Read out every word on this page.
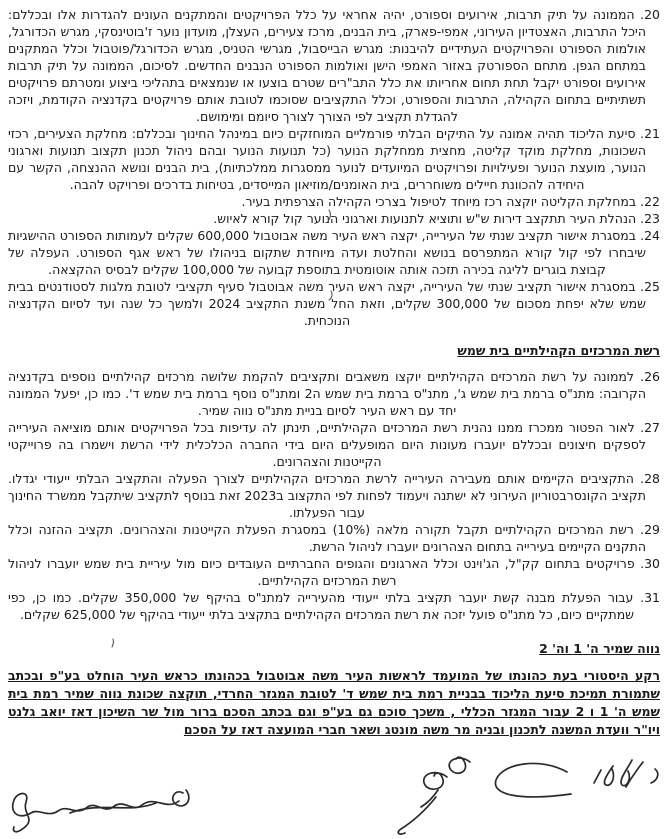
20. הממונה על תיק תרבות, אירועים וספורט, יהיה אחראי על כלל הפרויקטים והמתקנים העונים להגדרות אלו ובכללם: היכל התרבות, האצטדיון העירוני, אמפי-פארק, בית הבנים, מרכז צעירים, העצלן, מועדון נוער ז'בוטינסקי, מגרש הכדורגל, אולמות הספורט והפרויקטים העתידיים להיבנות: מגרש הבייסבול, מגרשי הטניס, מגרש הכדורגל/פוטבול וכלל המתקנים במתחם הגפן. מתחם הספורטק באזור האמפי הישן ואולמות הספורט הנבנים החדשים. לסיכום, הממונה על תיק תרבות אירועים וספורט יקבל תחת תחום אחריותו את כלל התב"רים שטרם בוצעו או שנמצאים בתהליכי ביצוע ומטרתם פרויקטים תשתיתיים בתחום הקהילה, התרבות והספורט, וכלל התקציבים שסוכמו לטובת אותם פרויקטים בקדנציה הקודמת, ויזכה להגדלת תקציב לפי הצורך לצורך סיומם ומימושם.
21. סיעת הליכוד תהיה אמונה על התיקים הבלתי פורמליים המוחזקים כיום במינהל החינוך ובכללם: מחלקת הצעירים, רכזי השכונות, מחלקת מוקד קליטה, מחצית ממחלקת הנוער (כל תנועות הנוער ובהם ניהול תכנון תקצוב תנועות וארגוני הנוער, מועצת הנוער ופעילויות ופרויקטים המיועדים לנוער ממסגרות ממלכתיות), בית הבנים ונושא ההנצחה, הקשר עם היחידה להכוונת חיילים משוחררים, בית האומנים/מוזיאון המייסדים, בטיחות בדרכים ופרויקט להבה.
22. במחלקת הקליטה יוקצה רכז מיוחד לטיפול בצרכי הקהילה הצרפתית בעיר.
23. הנהלת העיר תתקצב דירות ש"ש ותוציא לתנועות וארגוני הנוער קול קורא לאיוש.
24. במסגרת אישור תקציב שנתי של העירייה, יקצה ראש העיר משה אבוטבול 600,000 שקלים לעמותות הספורט ההישגיות שיבחרו לפי קול קורא המתפרסם בנושא והחלטת ועדה מיוחדת שתקום בניהולו של ראש אגף הספורט. העפלה של קבוצת בוגרים לליגה בכירה תזכה אותה אוטומטית בתוספת קבועה של 100,000 שקלים לבסיס ההקצאה.
25. במסגרת אישור תקציב שנתי של העירייה, יקצה ראש העיר משה אבוטבול סעיף תקציבי לטובת מלגות לסטודנטים בבית שמש שלא יפחת מסכום של 300,000 שקלים, וזאת החל משנת התקציב 2024 ולמשך כל שנה ועד לסיום הקדנציה הנוכחית.
רשת המרכזים הקהילתיים בית שמש
26. לממונה על רשת המרכזים הקהילתיים יוקצו משאבים ותקציבים להקמת שלושה מרכזים קהילתיים נוספים בקדנציה הקרובה: מתנ"ס ברמת בית שמש ג', מתנ"ס ברמת בית שמש ה2 ומתנ"ס נוסף ברמת בית שמש ד'. כמו כן, יפעל הממונה יחד עם ראש העיר לסיום בניית מתנ"ס נווה שמיר.
27. לאור הפטור ממכרז ממנו נהנית רשת המרכזים הקהילתיים, תינתן לה עדיפות בכל הפרויקטים אותם מוציאה העירייה לספקים חיצונים ובכללם יועברו מעונות היום המופעלים היום בידי החברה הכלכלית לידי הרשת וישמרו בה פרוייקטי הקייטנות והצהרונים.
28. התקציבים הקיימים אותם מעבירה העירייה לרשת המרכזים הקהילתיים לצורך הפעלה והתקציב הבלתי ייעודי יגדלו. תקציב הקונסרבטוריון העירוני לא ישתנה ויעמוד לפחות לפי התקצוב ב2023 זאת בנוסף לתקציב שיתקבל ממשרד החינוך עבור הפעלתו.
29. רשת המרכזים הקהילתיים תקבל תקורה מלאה (10%) במסגרת הפעלת הקייטנות והצהרונים. תקציב ההזנה וכלל התקנים הקיימים בעירייה בתחום הצהרונים יועברו לניהול הרשת.
30. פרויקטים בתחום קק"ל, הג'וינט וכלל הארגונים והגופים החברתיים העובדים כיום מול עיריית בית שמש יועברו לניהול רשת המרכזים הקהילתיים.
31. עבור הפעלת מבנה קשת יועבר תקציב בלתי ייעודי מהעירייה למתנ"ס בהיקף של 350,000 שקלים. כמו כן, כפי שמתקיים כיום, כל מתנ"ס פועל יזכה את רשת המרכזים הקהילתיים בתקציב בלתי ייעודי בהיקף של 625,000 שקלים.
נווה שמיר ה' 1 וה' 2
רקע היסטורי בעת כהונתו של המועמד לראשות העיר משה אבוטבול בכהונתו כראש העיר הוחלט בע"פ ובכתב שתמורת תמיכת סיעת הליכוד בבניית רמת בית שמש ד' לטובת המגזר החרדי, תוקצה שכונת נווה שמיר רמת בית שמש ה' 1 ו 2 עבור המגזר הכללי , משכך סוכם גם בע"פ וגם בכתב הסכם ברור מול שר השיכון דאז יואב גלנט ויו"ר וועדת המשנה לתכנון ובניה מר משה מונטג ושאר חברי המועצה דאז על הסכם
